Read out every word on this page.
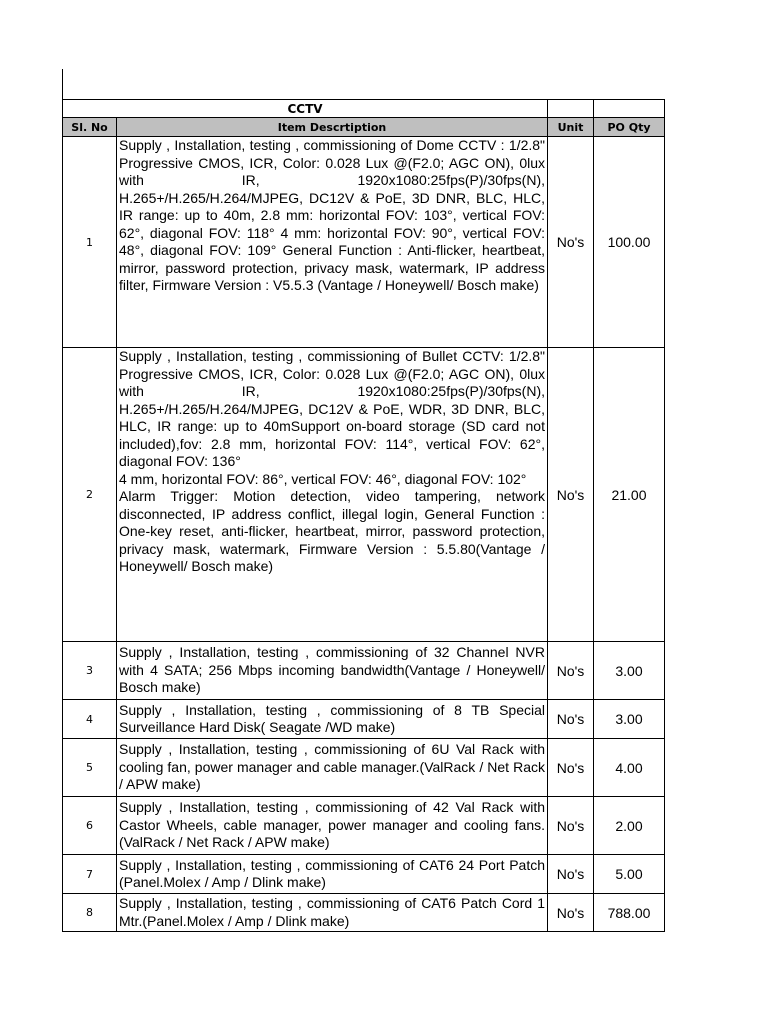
CCTV			
Sl. No	Item Descrtiption	Unit	PO Qty
1	Supply , Installation, testing , commissioning of Dome CCTV : 1/2.8" Progressive CMOS, ICR, Color: 0.028 Lux @(F2.0; AGC ON), 0lux with IR, 1920x1080:25fps(P)/30fps(N), H.265+/H.265/H.264/MJPEG, DC12V & PoE, 3D DNR, BLC, HLC, IR range: up to 40m, 2.8 mm: horizontal FOV: 103°, vertical FOV: 62°, diagonal FOV: 118° 4 mm: horizontal FOV: 90°, vertical FOV: 48°, diagonal FOV: 109° General Function : Anti-flicker, heartbeat, mirror, password protection, privacy mask, watermark, IP address filter, Firmware Version : V5.5.3 (Vantage / Honeywell/ Bosch make)	No's	100.00
2	Supply , Installation, testing , commissioning of Bullet CCTV: 1/2.8" Progressive CMOS, ICR, Color: 0.028 Lux @(F2.0; AGC ON), 0lux with IR, 1920x1080:25fps(P)/30fps(N), H.265+/H.265/H.264/MJPEG, DC12V & PoE, WDR, 3D DNR, BLC, HLC, IR range: up to 40mSupport on-board storage (SD card not included),fov: 2.8 mm, horizontal FOV: 114°, vertical FOV: 62°, diagonal FOV: 136°
4 mm, horizontal FOV: 86°, vertical FOV: 46°, diagonal FOV: 102°
Alarm Trigger: Motion detection, video tampering, network disconnected, IP address conflict, illegal login, General Function : One-key reset, anti-flicker, heartbeat, mirror, password protection, privacy mask, watermark, Firmware Version : 5.5.80(Vantage / Honeywell/ Bosch make)	No's	21.00
3	Supply , Installation, testing , commissioning of 32 Channel NVR with 4 SATA; 256 Mbps incoming bandwidth(Vantage / Honeywell/ Bosch make)	No's	3.00
4	Supply , Installation, testing , commissioning of 8 TB Special Surveillance Hard Disk( Seagate /WD make)	No's	3.00
5	Supply , Installation, testing , commissioning of 6U Val Rack with cooling fan, power manager and cable manager.(ValRack / Net Rack / APW make)	No's	4.00
6	Supply , Installation, testing , commissioning of 42 Val Rack with Castor Wheels, cable manager, power manager and cooling fans.(ValRack / Net Rack / APW make)	No's	2.00
7	Supply , Installation, testing , commissioning of CAT6 24 Port Patch (Panel.Molex / Amp / Dlink make)	No's	5.00
8	Supply , Installation, testing , commissioning of CAT6 Patch Cord 1 Mtr.(Panel.Molex / Amp / Dlink make)	No's	788.00
